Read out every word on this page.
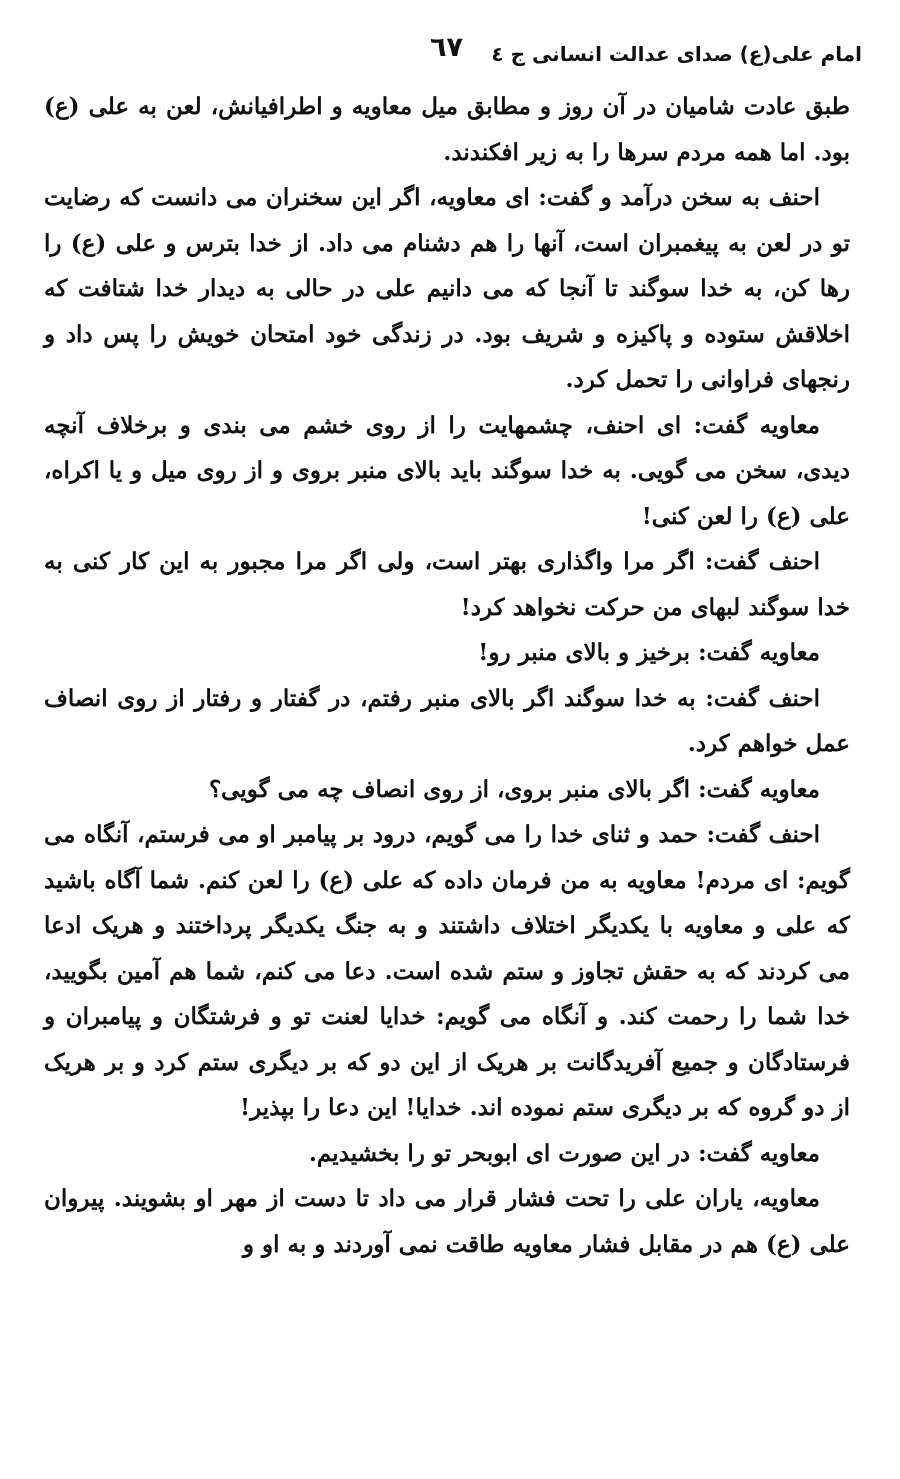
امام علی(ع) صدای عدالت انسانی ج ٤
٦٧

طبق عادت شامیان در آن روز و مطابق میل معاویه و اطرافیانش، لعن به علی (ع) بود. اما همه مردم سرها را به زیر افکندند.

احنف به سخن درآمد و گفت: ای معاویه، اگر این سخنران می دانست که رضایت تو در لعن به پیغمبران است، آنها را هم دشنام می داد. از خدا بترس و علی (ع) را رها کن، به خدا سوگند تا آنجا که می دانیم علی در حالی به دیدار خدا شتافت که اخلاقش ستوده و پاکیزه و شریف بود. در زندگی خود امتحان خویش را پس داد و رنجهای فراوانی را تحمل کرد.

معاویه گفت: ای احنف، چشمهایت را از روی خشم می بندی و برخلاف آنچه دیدی، سخن می گویی. به خدا سوگند باید بالای منبر بروی و از روی میل و یا اکراه، علی (ع) را لعن کنی!

احنف گفت: اگر مرا واگذاری بهتر است، ولی اگر مرا مجبور به این کار کنی به خدا سوگند لبهای من حرکت نخواهد کرد!

معاویه گفت: برخیز و بالای منبر رو!

احنف گفت: به خدا سوگند اگر بالای منبر رفتم، در گفتار و رفتار از روی انصاف عمل خواهم کرد.

معاویه گفت: اگر بالای منبر بروی، از روی انصاف چه می گویی؟

احنف گفت: حمد و ثنای خدا را می گویم، درود بر پیامبر او می فرستم، آنگاه می گویم: ای مردم! معاویه به من فرمان داده که علی (ع) را لعن کنم. شما آگاه باشید که علی و معاویه با یکدیگر اختلاف داشتند و به جنگ یکدیگر پرداختند و هریک ادعا می کردند که به حقش تجاوز و ستم شده است. دعا می کنم، شما هم آمین بگویید، خدا شما را رحمت کند. و آنگاه می گویم: خدایا لعنت تو و فرشتگان و پیامبران و فرستادگان و جمیع آفریدگانت بر هریک از این دو که بر دیگری ستم کرد و بر هریک از دو گروه که بر دیگری ستم نموده اند. خدایا! این دعا را بپذیر!

معاویه گفت: در این صورت ای ابوبحر تو را بخشیدیم.

معاویه، یاران علی را تحت فشار قرار می داد تا دست از مهر او بشویند. پیروان علی (ع) هم در مقابل فشار معاویه طاقت نمی آوردند و به او و
